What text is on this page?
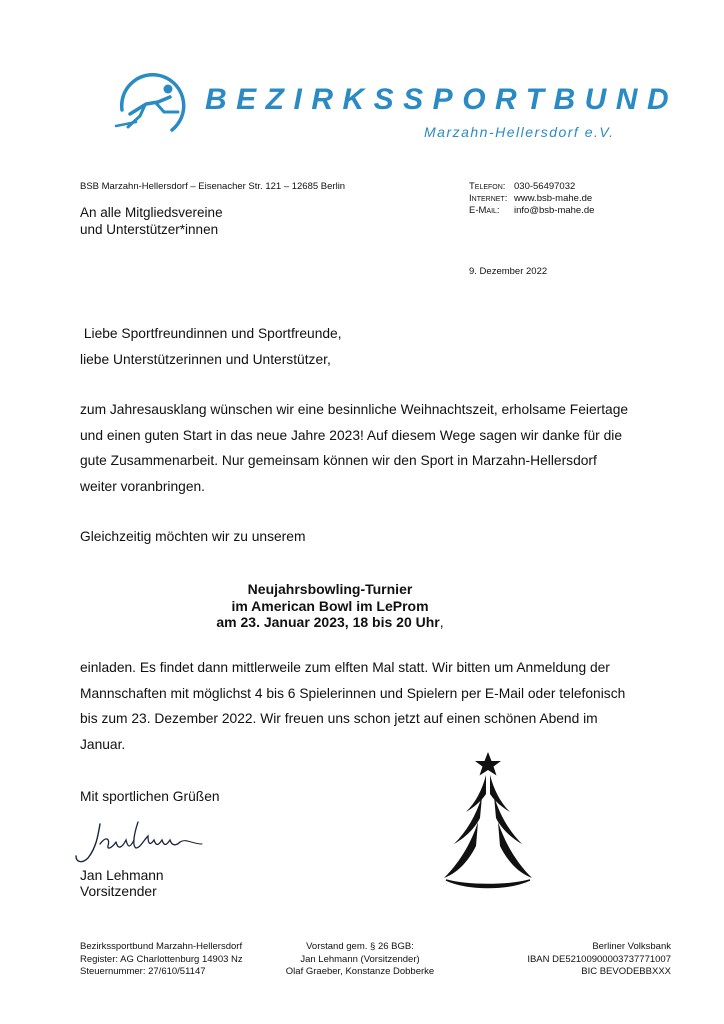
BEZIRKSSPORTBUND
Marzahn-Hellersdorf e.V.
BSB Marzahn-Hellersdorf – Eisenacher Str. 121 – 12685 Berlin	Telefon: 030-56497032
Internet: www.bsb-mahe.de
E-Mail:	info@bsb-mahe.de
An alle Mitgliedsvereine
und Unterstützer*innen
9. Dezember 2022
Liebe Sportfreundinnen und Sportfreunde,
liebe Unterstützerinnen und Unterstützer,
zum Jahresausklang wünschen wir eine besinnliche Weihnachtszeit, erholsame Feiertage
und einen guten Start in das neue Jahre 2023! Auf diesem Wege sagen wir danke für die
gute Zusammenarbeit. Nur gemeinsam können wir den Sport in Marzahn-Hellersdorf
weiter voranbringen.
Gleichzeitig möchten wir zu unserem
Neujahrsbowling-Turnier
im American Bowl im LeProm
am 23. Januar 2023, 18 bis 20 Uhr,
einladen. Es findet dann mittlerweile zum elften Mal statt. Wir bitten um Anmeldung der
Mannschaften mit möglichst 4 bis 6 Spielerinnen und Spielern per E-Mail oder telefonisch
bis zum 23. Dezember 2022. Wir freuen uns schon jetzt auf einen schönen Abend im
Januar.
Mit sportlichen Grüßen
Jan Lehmann
Vorsitzender
Bezirkssportbund Marzahn-Hellersdorf
Register: AG Charlottenburg 14903 Nz
Steuernummer: 27/610/51147
Vorstand gem. § 26 BGB:
Jan Lehmann (Vorsitzender)
Olaf Graeber, Konstanze Dobberke
Berliner Volksbank
IBAN DE52100900003737771007
BIC BEVODEBBXXX
